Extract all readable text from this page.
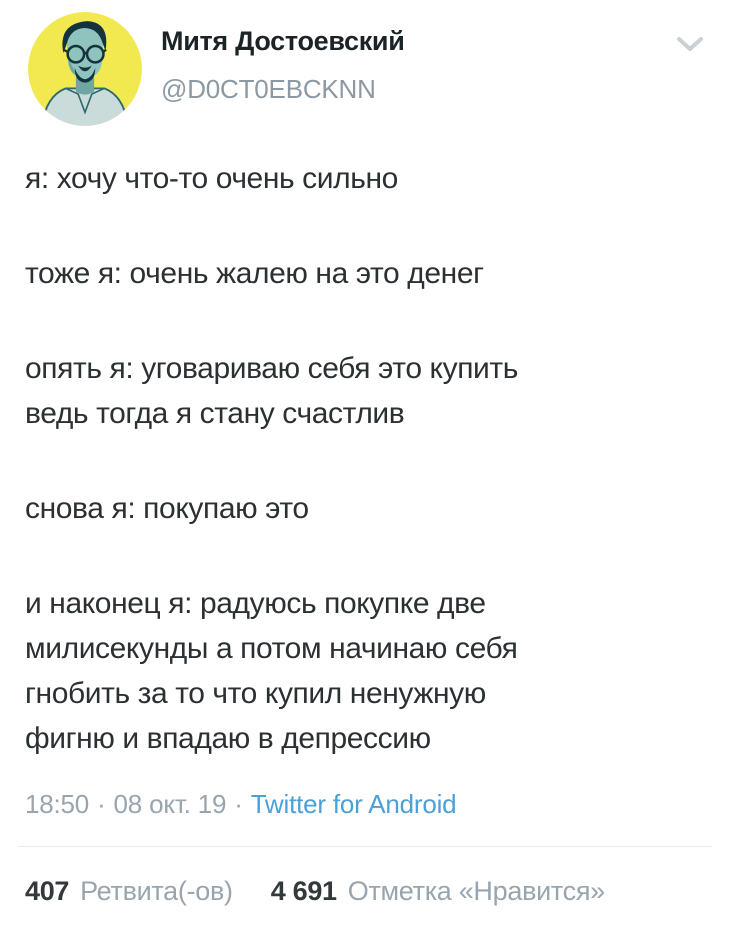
Митя Достоевский
@D0CT0EBCKNN
я: хочу что-то очень сильно
тоже я: очень жалею на это денег
опять я: уговариваю себя это купить
ведь тогда я стану счастлив
снова я: покупаю это
и наконец я: радуюсь покупке две
милисекунды а потом начинаю себя
гнобить за то что купил ненужную
фигню и впадаю в депрессию
18:50 · 08 окт. 19 · Twitter for Android
407 Ретвита(-ов) 4 691 Отметка «Нравится»
